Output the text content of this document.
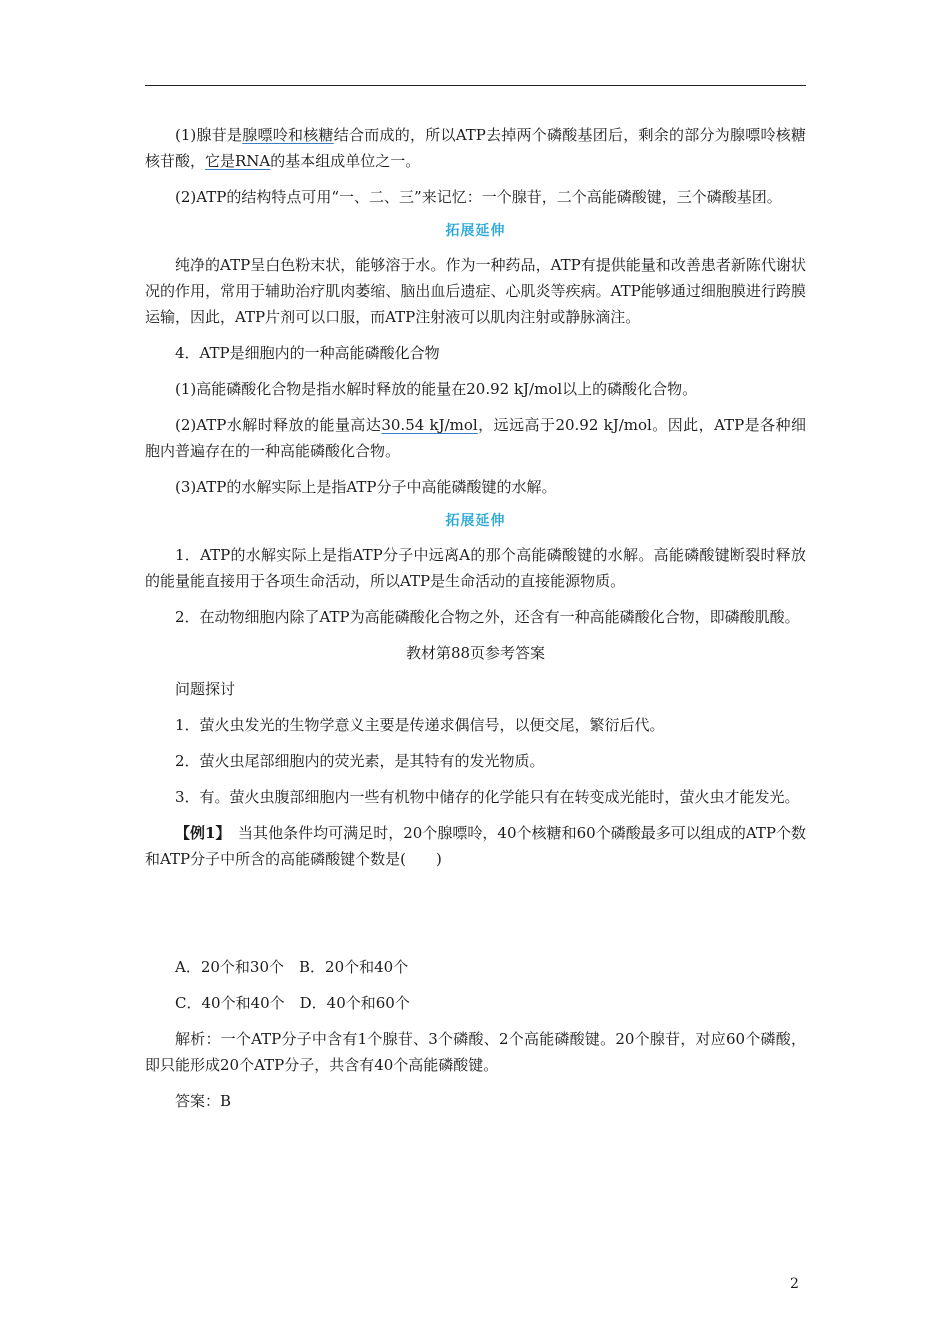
(1)腺苷是腺嘌呤和核糖结合而成的，所以ATP去掉两个磷酸基团后，剩余的部分为腺嘌呤核糖核苷酸，它是RNA的基本组成单位之一。

(2)ATP的结构特点可用“一、二、三”来记忆：一个腺苷，二个高能磷酸键，三个磷酸基团。

拓展延伸

纯净的ATP呈白色粉末状，能够溶于水。作为一种药品，ATP有提供能量和改善患者新陈代谢状况的作用，常用于辅助治疗肌肉萎缩、脑出血后遗症、心肌炎等疾病。ATP能够通过细胞膜进行跨膜运输，因此，ATP片剂可以口服，而ATP注射液可以肌肉注射或静脉滴注。

4．ATP是细胞内的一种高能磷酸化合物

(1)高能磷酸化合物是指水解时释放的能量在20.92 kJ/mol以上的磷酸化合物。

(2)ATP水解时释放的能量高达30.54 kJ/mol，远远高于20.92 kJ/mol。因此，ATP是各种细胞内普遍存在的一种高能磷酸化合物。

(3)ATP的水解实际上是指ATP分子中高能磷酸键的水解。

拓展延伸

1．ATP的水解实际上是指ATP分子中远离A的那个高能磷酸键的水解。高能磷酸键断裂时释放的能量能直接用于各项生命活动，所以ATP是生命活动的直接能源物质。

2．在动物细胞内除了ATP为高能磷酸化合物之外，还含有一种高能磷酸化合物，即磷酸肌酸。

教材第88页参考答案

问题探讨

1．萤火虫发光的生物学意义主要是传递求偶信号，以便交尾，繁衍后代。

2．萤火虫尾部细胞内的荧光素，是其特有的发光物质。

3．有。萤火虫腹部细胞内一些有机物中储存的化学能只有在转变成光能时，萤火虫才能发光。

【例1】　当其他条件均可满足时，20个腺嘌呤，40个核糖和60个磷酸最多可以组成的ATP个数和ATP分子中所含的高能磷酸键个数是(　　)

A．20个和30个　B．20个和40个

C．40个和40个　D．40个和60个

解析：一个ATP分子中含有1个腺苷、3个磷酸、2个高能磷酸键。20个腺苷，对应60个磷酸，即只能形成20个ATP分子，共含有40个高能磷酸键。

答案：B

2
